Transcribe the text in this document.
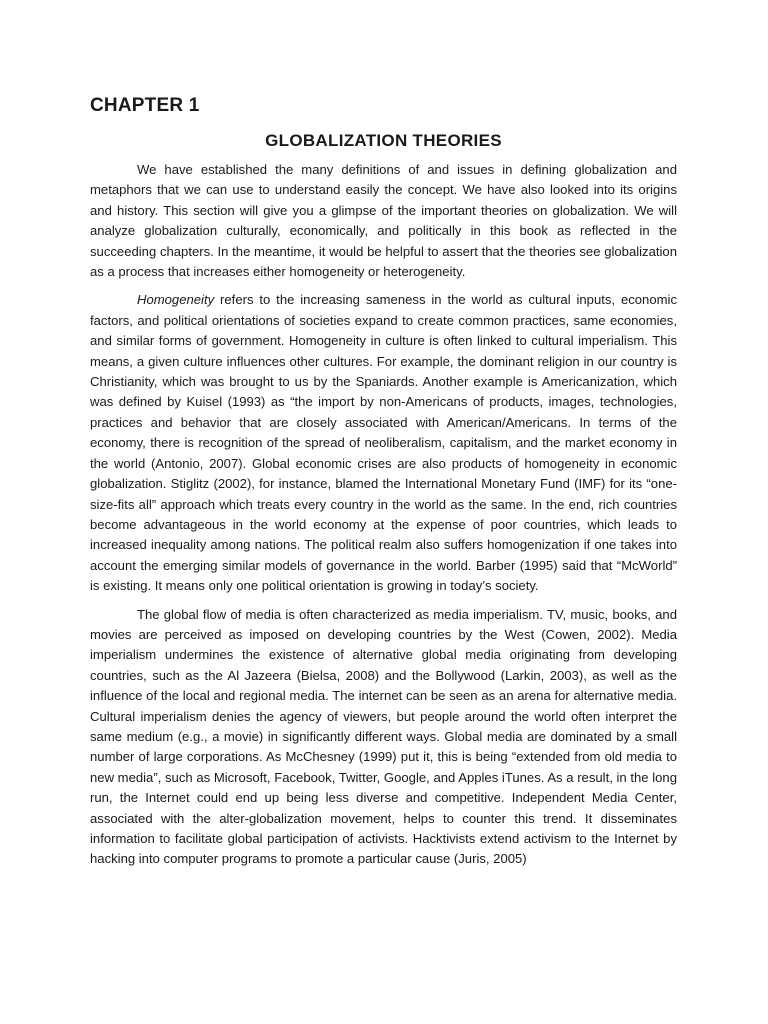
CHAPTER 1
GLOBALIZATION THEORIES

We have established the many definitions of and issues in defining globalization and metaphors that we can use to understand easily the concept. We have also looked into its origins and history. This section will give you a glimpse of the important theories on globalization. We will analyze globalization culturally, economically, and politically in this book as reflected in the succeeding chapters. In the meantime, it would be helpful to assert that the theories see globalization as a process that increases either homogeneity or heterogeneity.

Homogeneity refers to the increasing sameness in the world as cultural inputs, economic factors, and political orientations of societies expand to create common practices, same economies, and similar forms of government. Homogeneity in culture is often linked to cultural imperialism. This means, a given culture influences other cultures. For example, the dominant religion in our country is Christianity, which was brought to us by the Spaniards. Another example is Americanization, which was defined by Kuisel (1993) as “the import by non-Americans of products, images, technologies, practices and behavior that are closely associated with American/Americans. In terms of the economy, there is recognition of the spread of neoliberalism, capitalism, and the market economy in the world (Antonio, 2007). Global economic crises are also products of homogeneity in economic globalization. Stiglitz (2002), for instance, blamed the International Monetary Fund (IMF) for its “one-size-fits all” approach which treats every country in the world as the same. In the end, rich countries become advantageous in the world economy at the expense of poor countries, which leads to increased inequality among nations. The political realm also suffers homogenization if one takes into account the emerging similar models of governance in the world. Barber (1995) said that “McWorld” is existing. It means only one political orientation is growing in today’s society.

The global flow of media is often characterized as media imperialism. TV, music, books, and movies are perceived as imposed on developing countries by the West (Cowen, 2002). Media imperialism undermines the existence of alternative global media originating from developing countries, such as the Al Jazeera (Bielsa, 2008) and the Bollywood (Larkin, 2003), as well as the influence of the local and regional media. The internet can be seen as an arena for alternative media. Cultural imperialism denies the agency of viewers, but people around the world often interpret the same medium (e.g., a movie) in significantly different ways. Global media are dominated by a small number of large corporations. As McChesney (1999) put it, this is being “extended from old media to new media”, such as Microsoft, Facebook, Twitter, Google, and Apples iTunes. As a result, in the long run, the Internet could end up being less diverse and competitive. Independent Media Center, associated with the alter-globalization movement, helps to counter this trend. It disseminates information to facilitate global participation of activists. Hacktivists extend activism to the Internet by hacking into computer programs to promote a particular cause (Juris, 2005)
